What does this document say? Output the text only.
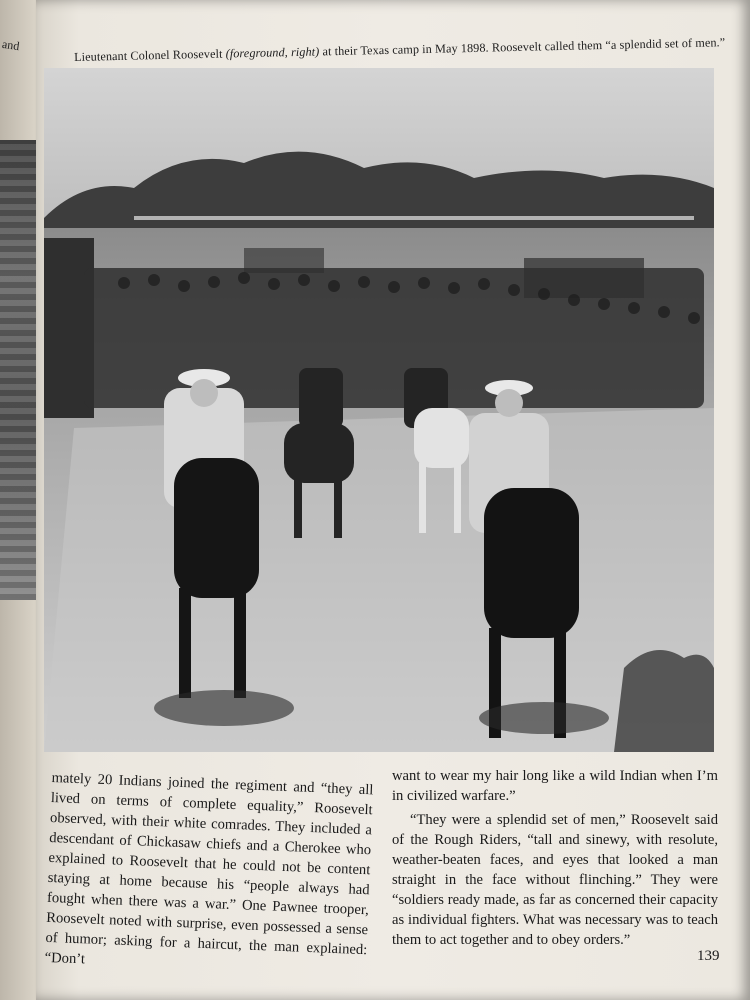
and
Lieutenant Colonel Roosevelt (foreground, right) at their Texas camp in May 1898. Roosevelt called them “a splendid set of men.”

mately 20 Indians joined the regiment and “they all lived on terms of complete equality,” Roosevelt observed, with their white comrades. They included a descendant of Chickasaw chiefs and a Cherokee who explained to Roosevelt that he could not be content staying at home because his “people always had fought when there was a war.” One Pawnee trooper, Roosevelt noted with surprise, even possessed a sense of humor; asking for a haircut, the man explained: “Don’t

want to wear my hair long like a wild Indian when I’m in civilized warfare.”

“They were a splendid set of men,” Roosevelt said of the Rough Riders, “tall and sinewy, with resolute, weather-beaten faces, and eyes that looked a man straight in the face without flinching.” They were “soldiers ready made, as far as concerned their capacity as individual fighters. What was necessary was to teach them to act together and to obey orders.”

139
